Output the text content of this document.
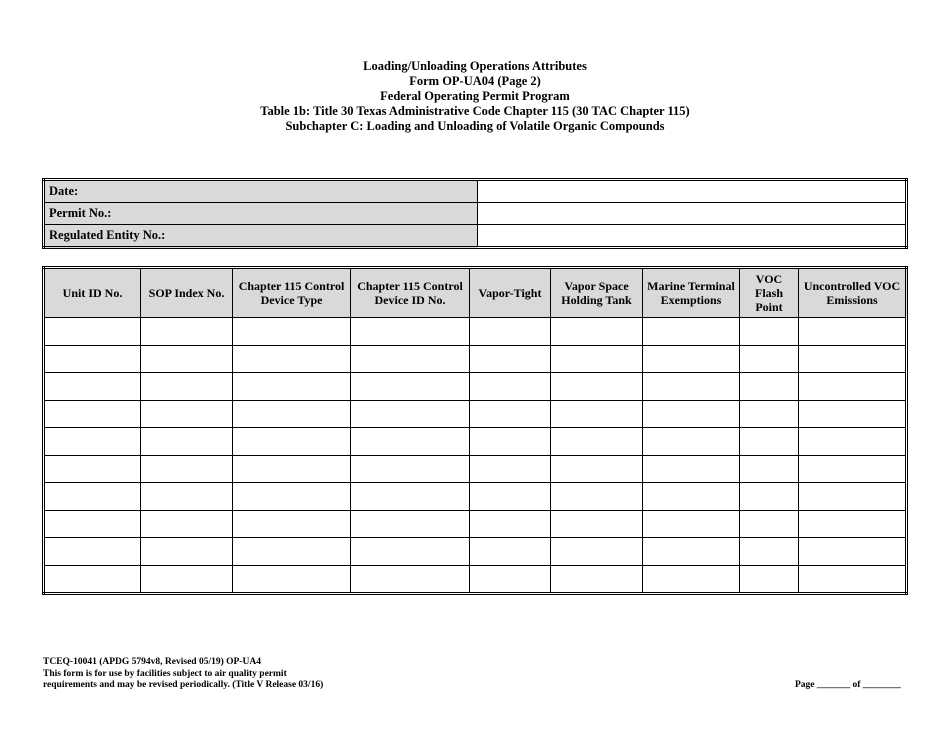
Loading/Unloading Operations Attributes
Form OP-UA04 (Page 2)
Federal Operating Permit Program
Table 1b: Title 30 Texas Administrative Code Chapter 115 (30 TAC Chapter 115)
Subchapter C: Loading and Unloading of Volatile Organic Compounds
Date:	
Permit No.:	
Regulated Entity No.:	
Unit ID No.	SOP Index No.	Chapter 115 Control Device Type	Chapter 115 Control Device ID No.	Vapor-Tight	Vapor Space Holding Tank	Marine Terminal Exemptions	VOC Flash Point	Uncontrolled VOC Emissions

TCEQ-10041 (APDG 5794v8, Revised 05/19) OP-UA4
This form is for use by facilities subject to air quality permit
requirements and may be revised periodically. (Title V Release 03/16)	Page _______ of ________
